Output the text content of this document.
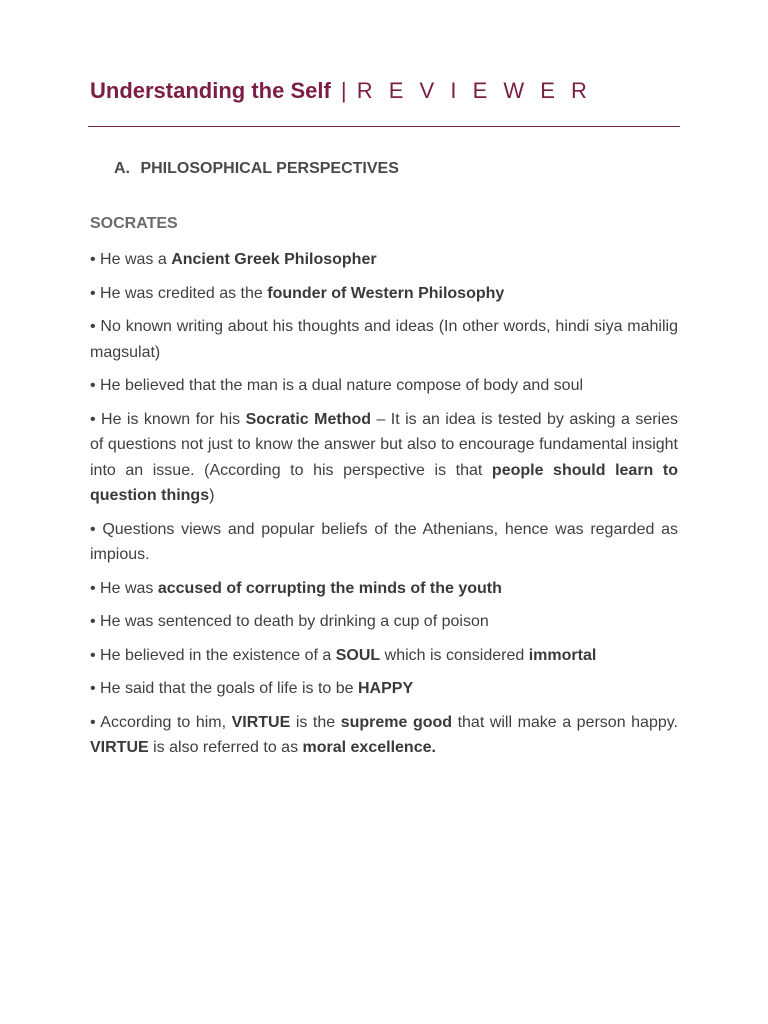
Understanding the Self | R E V I E W E R
A. PHILOSOPHICAL PERSPECTIVES
SOCRATES
• He was a Ancient Greek Philosopher
• He was credited as the founder of Western Philosophy
• No known writing about his thoughts and ideas (In other words, hindi siya mahilig magsulat)
• He believed that the man is a dual nature compose of body and soul
• He is known for his Socratic Method – It is an idea is tested by asking a series of questions not just to know the answer but also to encourage fundamental insight into an issue. (According to his perspective is that people should learn to question things)
• Questions views and popular beliefs of the Athenians, hence was regarded as impious.
• He was accused of corrupting the minds of the youth
• He was sentenced to death by drinking a cup of poison
• He believed in the existence of a SOUL which is considered immortal
• He said that the goals of life is to be HAPPY
• According to him, VIRTUE is the supreme good that will make a person happy. VIRTUE is also referred to as moral excellence.
